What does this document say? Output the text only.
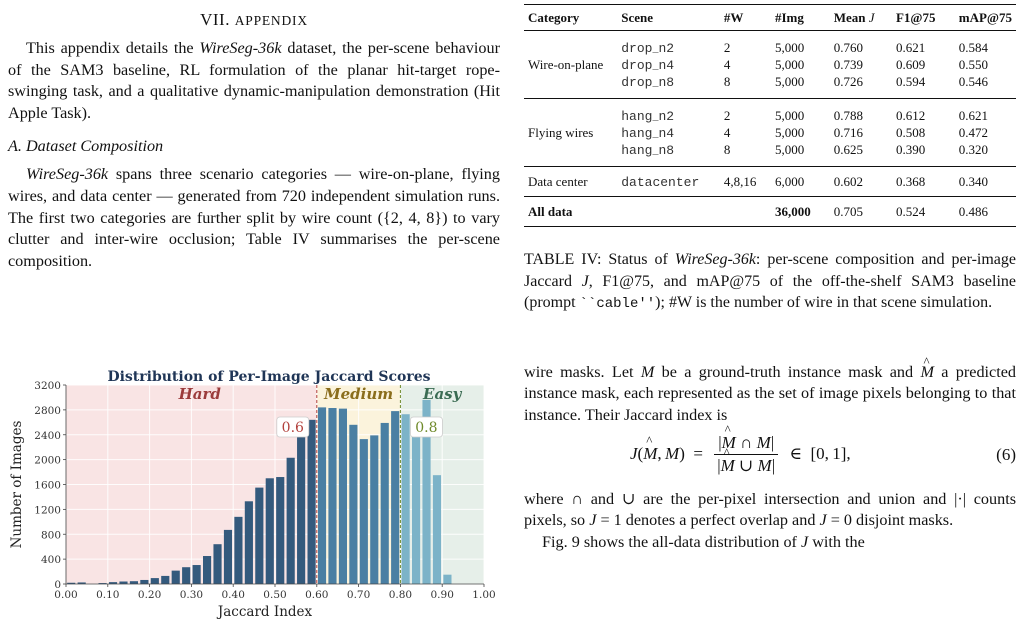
VII. APPENDIX

This appendix details the WireSeg-36k dataset, the per-scene behaviour of the SAM3 baseline, RL formulation of the planar hit-target rope-swinging task, and a qualitative dynamic-manipulation demonstration (Hit Apple Task).

A. Dataset Composition

WireSeg-36k spans three scenario categories — wire-on-plane, flying wires, and data center — generated from 720 independent simulation runs. The first two categories are further split by wire count ({2, 4, 8}) to vary clutter and inter-wire occlusion; Table IV summarises the per-scene composition.

0.6	0.8
0.00 0.10 0.20 0.30 0.40 0.50 0.60 0.70 0.80 0.90 1.00
0
400
800
1200
1600
2000
2400
2800
3200
Distribution of Per-Image Jaccard Scores
Jaccard Index
Number of Images
Hard	Medium Easy
Category	Scene	#W	#Img	Mean J	F1@75	mAP@75
Wire-on-plane	drop_n2	2	5,000	0.760	0.621	0.584
	drop_n4	4	5,000	0.739	0.609	0.550
	drop_n8	8	5,000	0.726	0.594	0.546
Flying wires	hang_n2	2	5,000	0.788	0.612	0.621
	hang_n4	4	5,000	0.716	0.508	0.472
	hang_n8	8	5,000	0.625	0.390	0.320
Data center	datacenter	4,8,16	6,000	0.602	0.368	0.340
All data			36,000	0.705	0.524	0.486

TABLE IV: Status of WireSeg-36k: per-scene composition and per-image Jaccard J, F1@75, and mAP@75 of the off-the-shelf SAM3 baseline (prompt ``cable''); #W is the number of wire in that scene simulation.

wire masks. Let M be a ground-truth instance mask and ^ M a predicted instance mask, each represented as the set of image pixels belonging to that instance. Their Jaccard index is

J ( ^ M ,  M )  = $\frac{|\^{} M \cap M|}{|\^{} M \cup M|}$ ∈  [0, 1],	(6)

where ∩ and ∪ are the per-pixel intersection and union and |·| counts pixels, so J = 1 denotes a perfect overlap and J = 0 disjoint masks.

Fig. 9 shows the all-data distribution of J with the
